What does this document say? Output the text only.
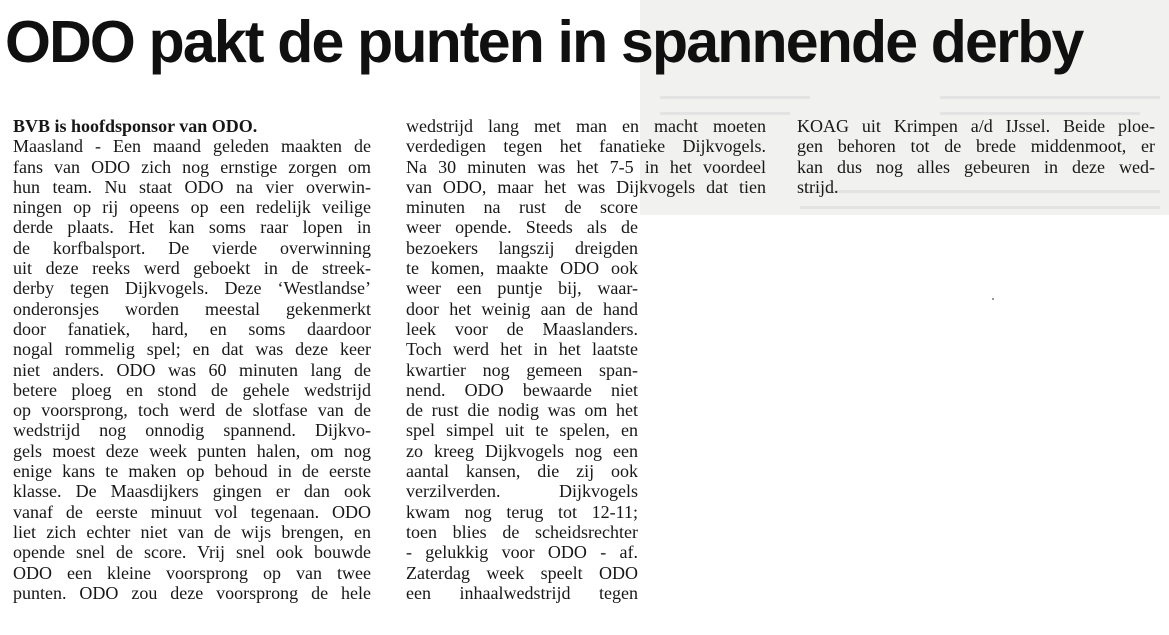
ODO pakt de punten in spannende derby
BVB is hoofdsponsor van ODO.
Maasland - Een maand geleden maakten de
fans van ODO zich nog ernstige zorgen om
hun team. Nu staat ODO na vier overwin-
ningen op rij opeens op een redelijk veilige
derde plaats. Het kan soms raar lopen in
de korfbalsport. De vierde overwinning
uit deze reeks werd geboekt in de streek-
derby tegen Dijkvogels. Deze ‘Westlandse’
onderonsjes worden meestal gekenmerkt
door fanatiek, hard, en soms daardoor
nogal rommelig spel; en dat was deze keer
niet anders. ODO was 60 minuten lang de
betere ploeg en stond de gehele wedstrijd
op voorsprong, toch werd de slotfase van de
wedstrijd nog onnodig spannend. Dijkvo-
gels moest deze week punten halen, om nog
enige kans te maken op behoud in de eerste
klasse. De Maasdijkers gingen er dan ook
vanaf de eerste minuut vol tegenaan. ODO
liet zich echter niet van de wijs brengen, en
opende snel de score. Vrij snel ook bouwde
ODO een kleine voorsprong op van twee
punten. ODO zou deze voorsprong de hele
wedstrijd lang met man en macht moeten
verdedigen tegen het fanatieke Dijkvogels.
Na 30 minuten was het 7-5 in het voordeel
van ODO, maar het was Dijkvogels dat tien
minuten na rust de score
weer opende. Steeds als de
bezoekers langszij dreigden
te komen, maakte ODO ook
weer een puntje bij, waar-
door het weinig aan de hand
leek voor de Maaslanders.
Toch werd het in het laatste
kwartier nog gemeen span-
nend. ODO bewaarde niet
de rust die nodig was om het
spel simpel uit te spelen, en
zo kreeg Dijkvogels nog een
aantal kansen, die zij ook
verzilverden. Dijkvogels
kwam nog terug tot 12-11;
toen blies de scheidsrechter
- gelukkig voor ODO - af.
Zaterdag week speelt ODO
een inhaalwedstrijd tegen
KOAG uit Krimpen a/d IJssel. Beide ploe-
gen behoren tot de brede middenmoot, er
kan dus nog alles gebeuren in deze wed-
strijd.
